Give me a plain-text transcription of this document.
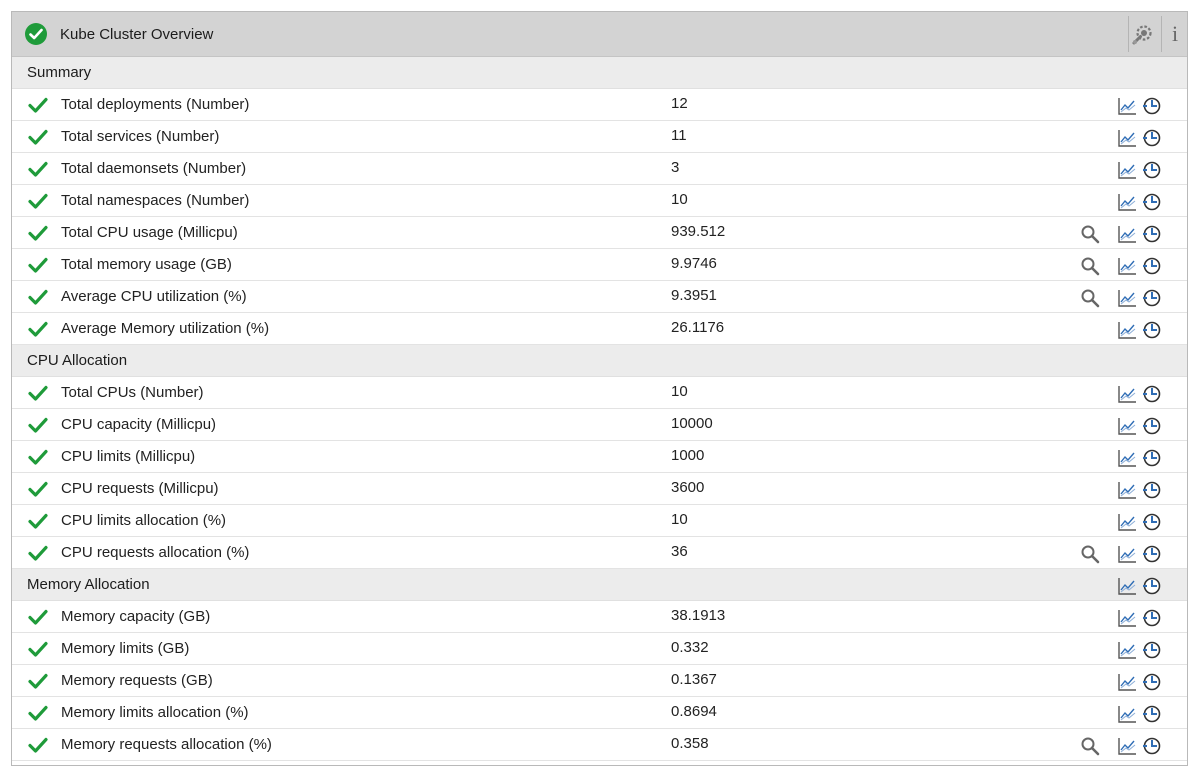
Kube Cluster Overview	i
Summary
Total deployments (Number)	12
Total services (Number)	11
Total daemonsets (Number)	3
Total namespaces (Number)	10
Total CPU usage (Millicpu)	939.512
Total memory usage (GB)	9.9746
Average CPU utilization (%)	9.3951
Average Memory utilization (%)	26.1176
CPU Allocation
Total CPUs (Number)	10
CPU capacity (Millicpu)	10000
CPU limits (Millicpu)	1000
CPU requests (Millicpu)	3600
CPU limits allocation (%)	10
CPU requests allocation (%)	36
Memory Allocation
Memory capacity (GB)	38.1913
Memory limits (GB)	0.332
Memory requests (GB)	0.1367
Memory limits allocation (%)	0.8694
Memory requests allocation (%)	0.358
